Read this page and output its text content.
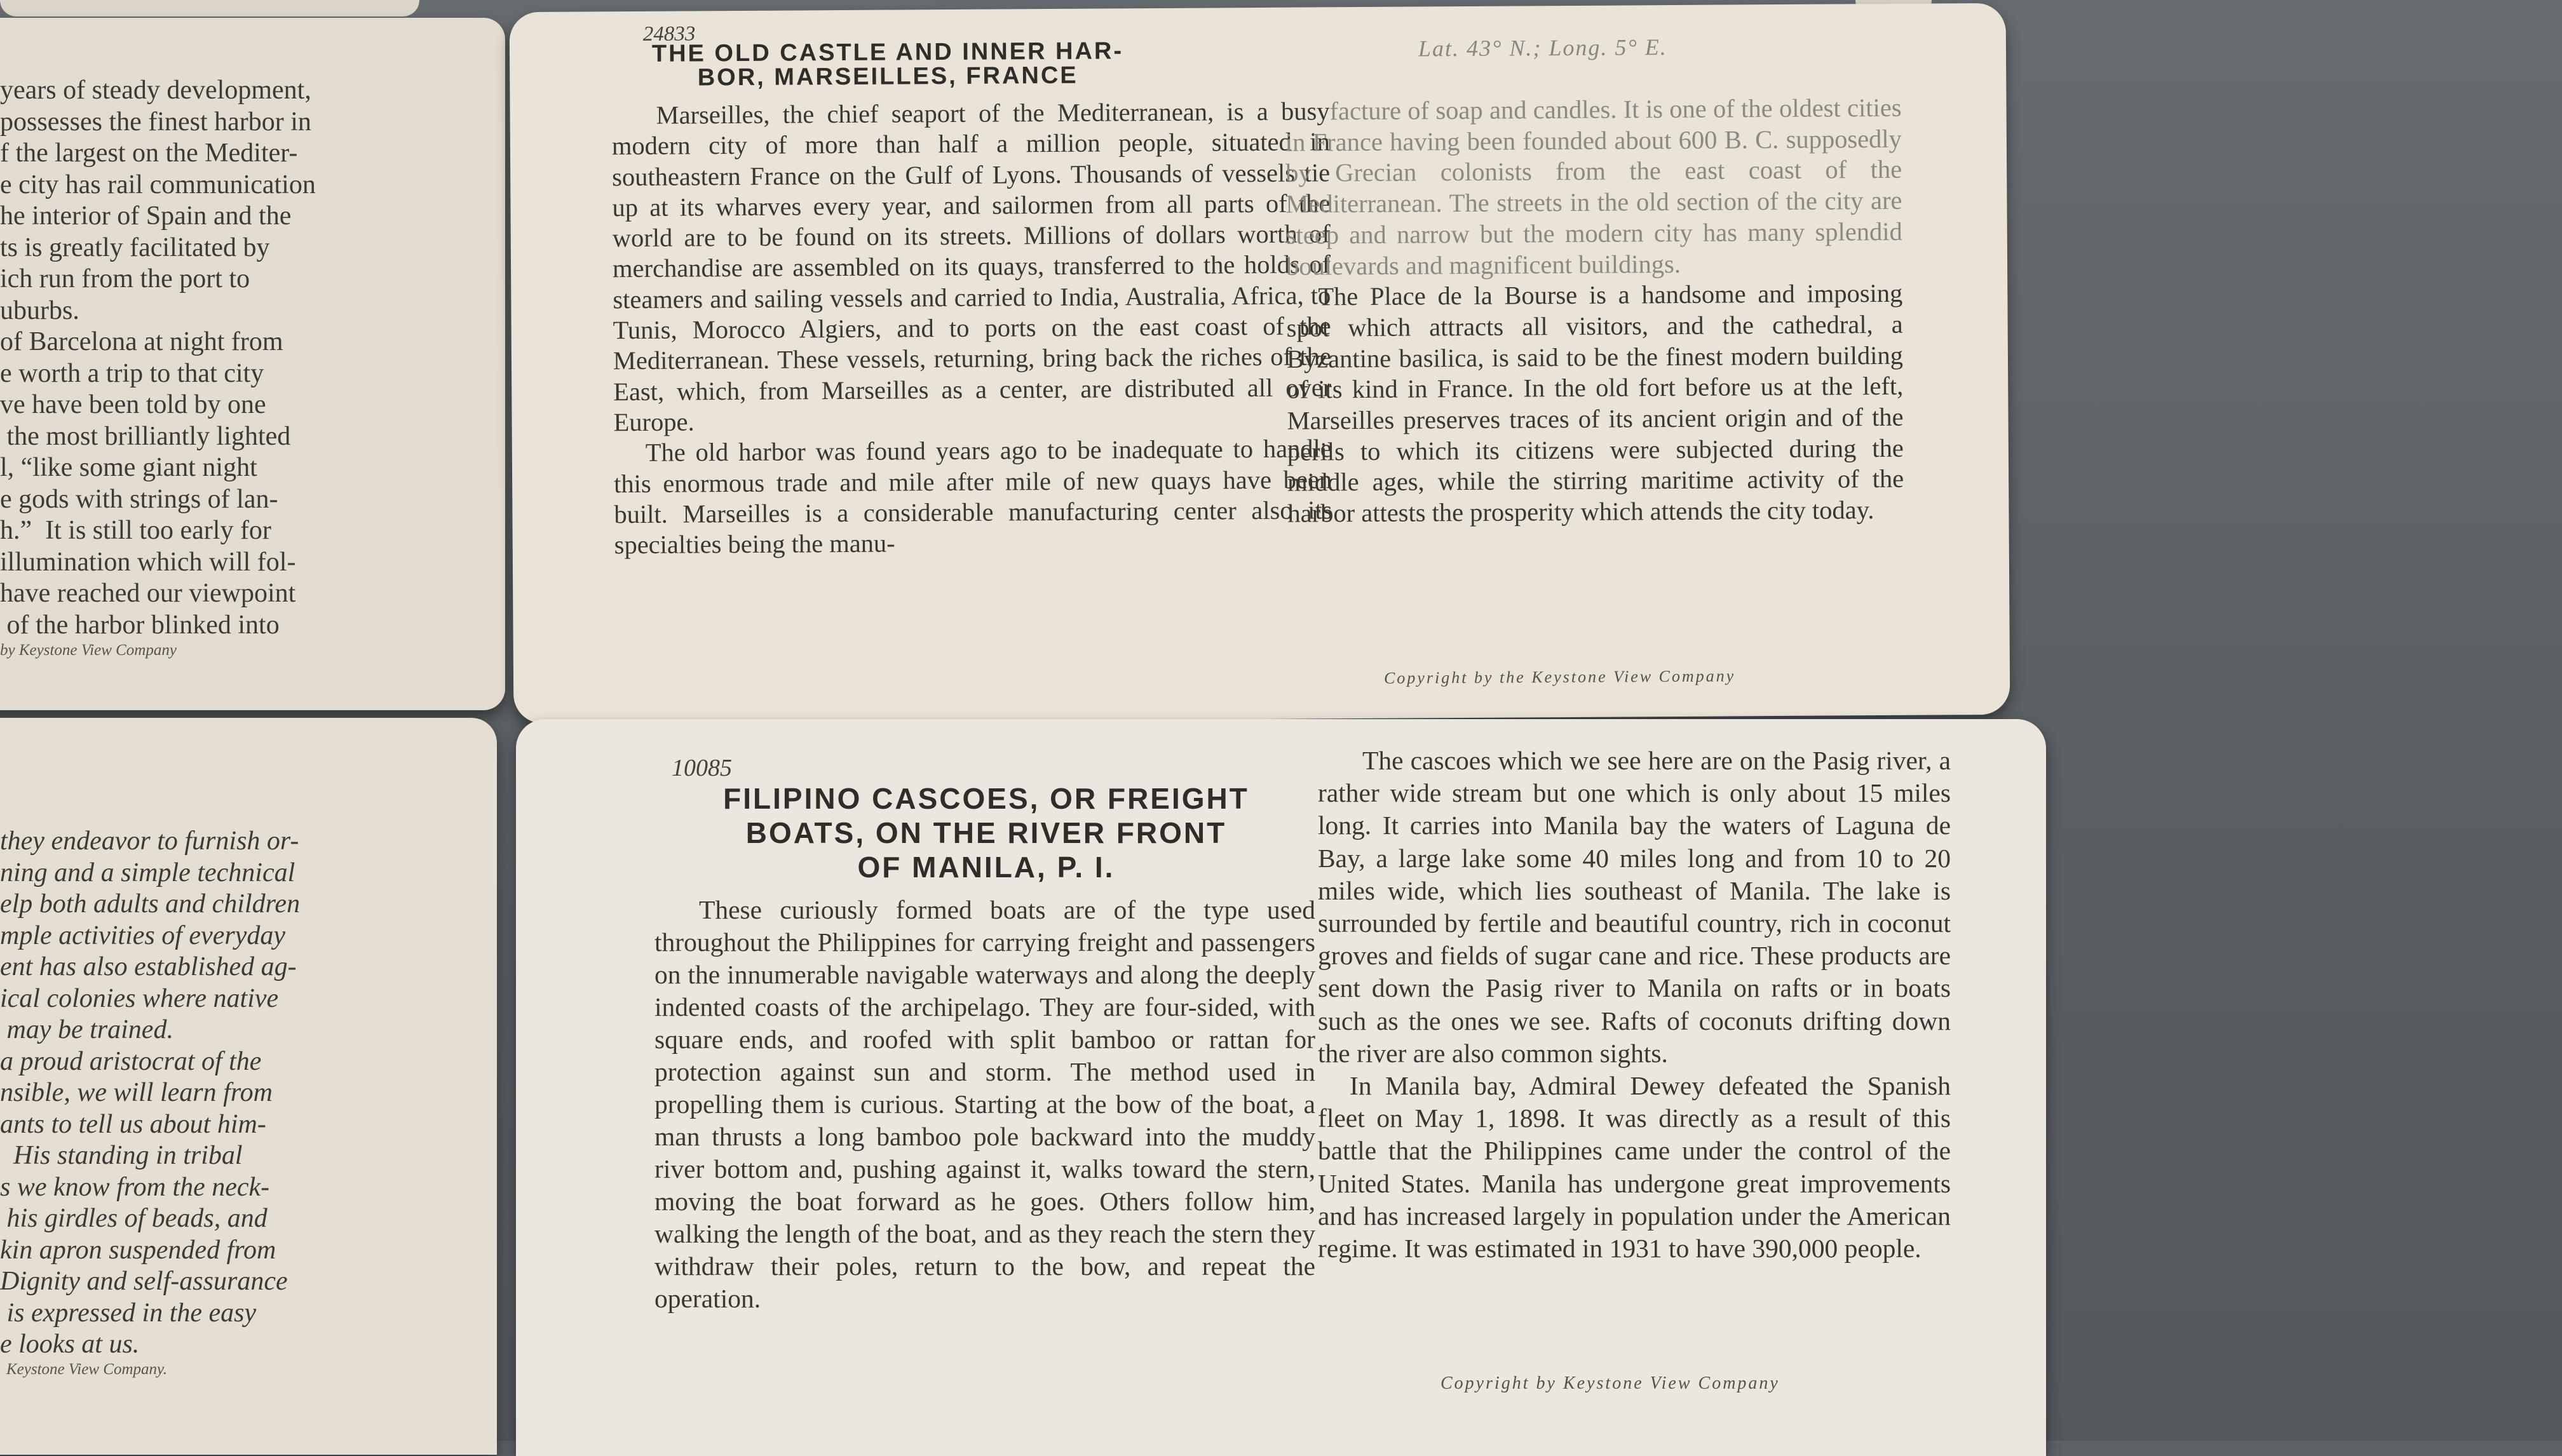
years of steady development,
possesses the finest harbor in
f the largest on the Mediter-
e city has rail communication
he interior of Spain and the
ts is greatly facilitated by
ich run from the port to
uburbs.
of Barcelona at night from
e worth a trip to that city
ve have been told by one
the most brilliantly lighted
l, “like some giant night
e gods with strings of lan-
h.”  It is still too early for
illumination which will fol-
have reached our viewpoint
of the harbor blinked into
by Keystone View Company
24833
THE OLD CASTLE AND INNER HAR-
BOR, MARSEILLES, FRANCE
Lat. 43° N.; Long. 5° E.

Marseilles, the chief seaport of the Mediterranean, is a busy modern city of more than half a million people, situated in southeastern France on the Gulf of Lyons. Thousands of vessels tie up at its wharves every year, and sailormen from all parts of the world are to be found on its streets. Millions of dollars worth of merchandise are assembled on its quays, transferred to the holds of steamers and sailing vessels and carried to India, Australia, Africa, to Tunis, Morocco Algiers, and to ports on the east coast of the Mediterranean. These vessels, returning, bring back the riches of the East, which, from Marseilles as a center, are distributed all over Europe.

The old harbor was found years ago to be inadequate to handle this enormous trade and mile after mile of new quays have been built. Marseilles is a considerable manufacturing center also its specialties being the manu-

facture of soap and candles. It is one of the oldest cities in France having been founded about 600 B. C. supposedly by Grecian colonists from the east coast of the Mediterranean. The streets in the old section of the city are steep and narrow but the modern city has many splendid boulevards and magnificent buildings.

The Place de la Bourse is a handsome and imposing spot which attracts all visitors, and the cathedral, a Byzantine basilica, is said to be the finest modern building of its kind in France. In the old fort before us at the left, Marseilles preserves traces of its ancient origin and of the perils to which its citizens were subjected during the middle ages, while the stirring maritime activity of the harbor attests the prosperity which attends the city today.

Copyright by the Keystone View Company
they endeavor to furnish or-
ning and a simple technical
elp both adults and children
mple activities of everyday
ent has also established ag-
ical colonies where native
may be trained.
a proud aristocrat of the
nsible, we will learn from
ants to tell us about him-
His standing in tribal
s we know from the neck-
his girdles of beads, and
kin apron suspended from
Dignity and self-assurance
is expressed in the easy
e looks at us.
Keystone View Company.
10085
FILIPINO CASCOES, OR FREIGHT
BOATS, ON THE RIVER FRONT
OF MANILA, P. I.

These curiously formed boats are of the type used throughout the Philippines for carrying freight and passengers on the innumerable navigable waterways and along the deeply indented coasts of the archipelago. They are four-sided, with square ends, and roofed with split bamboo or rattan for protection against sun and storm. The method used in propelling them is curious. Starting at the bow of the boat, a man thrusts a long bamboo pole backward into the muddy river bottom and, pushing against it, walks toward the stern, moving the boat forward as he goes. Others follow him, walking the length of the boat, and as they reach the stern they withdraw their poles, return to the bow, and repeat the operation.

The cascoes which we see here are on the Pasig river, a rather wide stream but one which is only about 15 miles long. It carries into Manila bay the waters of Laguna de Bay, a large lake some 40 miles long and from 10 to 20 miles wide, which lies southeast of Manila. The lake is surrounded by fertile and beautiful country, rich in coconut groves and fields of sugar cane and rice. These products are sent down the Pasig river to Manila on rafts or in boats such as the ones we see. Rafts of coconuts drifting down the river are also common sights.

In Manila bay, Admiral Dewey defeated the Spanish fleet on May 1, 1898. It was directly as a result of this battle that the Philippines came under the control of the United States. Manila has undergone great improvements and has increased largely in population under the American regime. It was estimated in 1931 to have 390,000 people.

Copyright by Keystone View Company
